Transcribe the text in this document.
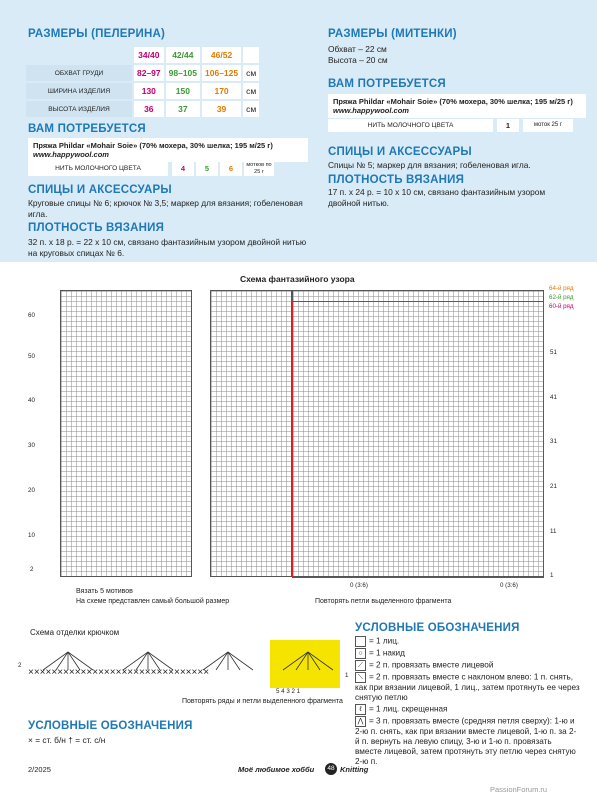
РАЗМЕРЫ (ПЕЛЕРИНА)
	34/40	42/44	46/52	
ОБХВАТ ГРУДИ	82–97	98–105	106–125	см
ШИРИНА ИЗДЕЛИЯ	130	150	170	см
ВЫСОТА ИЗДЕЛИЯ	36	37	39	см
ВАМ ПОТРЕБУЕТСЯ
Пряжа Phildar «Mohair Soie» (70% мохера, 30% шелка; 195 м/25 г)
www.happywool.com
НИТЬ МОЛОЧНОГО ЦВЕТА	4	5	6	мотков по 25 г
СПИЦЫ И АКСЕССУАРЫ
Круговые спицы № 6; крючок № 3,5; маркер для вязания; гобеленовая игла.
ПЛОТНОСТЬ ВЯЗАНИЯ
32 п. х 18 р. = 22 х 10 см, связано фантазийным узором двойной нитью на круговых спицах № 6.
РАЗМЕРЫ (МИТЕНКИ)
Обхват – 22 см
Высота – 20 см
ВАМ ПОТРЕБУЕТСЯ
Пряжа Phildar «Mohair Soie» (70% мохера, 30% шелка; 195 м/25 г)
www.happywool.com
НИТЬ МОЛОЧНОГО ЦВЕТА	1	моток 25 г
СПИЦЫ И АКСЕССУАРЫ
Спицы № 5; маркер для вязания; гобеленовая игла.
ПЛОТНОСТЬ ВЯЗАНИЯ
17 п. х 24 р. = 10 х 10 см, связано фантазийным узором двойной нитью.
Схема фантазийного узора
60
50
40
30
20
10
2
51
41
31
21
11
1
64-й ряд
62-й ряд
60-й ряд
0 (3:6)	0 (3:6)
Вязать 5 мотивов
На схеме представлен самый большой размер	Повторять петли выделенного фрагмента
Схема отделки крючком
×××××××××××××××××××××××××××××××
2
1
5 4 3 2 1
Повторять ряды и петли выделенного фрагмента
УСЛОВНЫЕ ОБОЗНАЧЕНИЯ
× = ст. б/н † = ст. с/н
УСЛОВНЫЕ ОБОЗНАЧЕНИЯ
= 1 лиц.
○ = 1 накид
⟋ = 2 п. провязать вместе лицевой
⟍ = 2 п. провязать вместе с наклоном влево: 1 п. снять, как при вязании лицевой, 1 лиц., затем протянуть ее через снятую петлю
ℓ = 1 лиц. скрещенная
⋀ = 3 п. провязать вместе (средняя петля сверху): 1-ю и 2-ю п. снять, как при вязании вместе лицевой, 1-ю п. за 2-й п. вернуть на левую спицу, 3-ю и 1-ю п. провязать вместе лицевой, затем протянуть эту петлю через снятую 2-ю п.
2/2025	Моё любимое хобби	48 Knitting
PassionForum.ru
